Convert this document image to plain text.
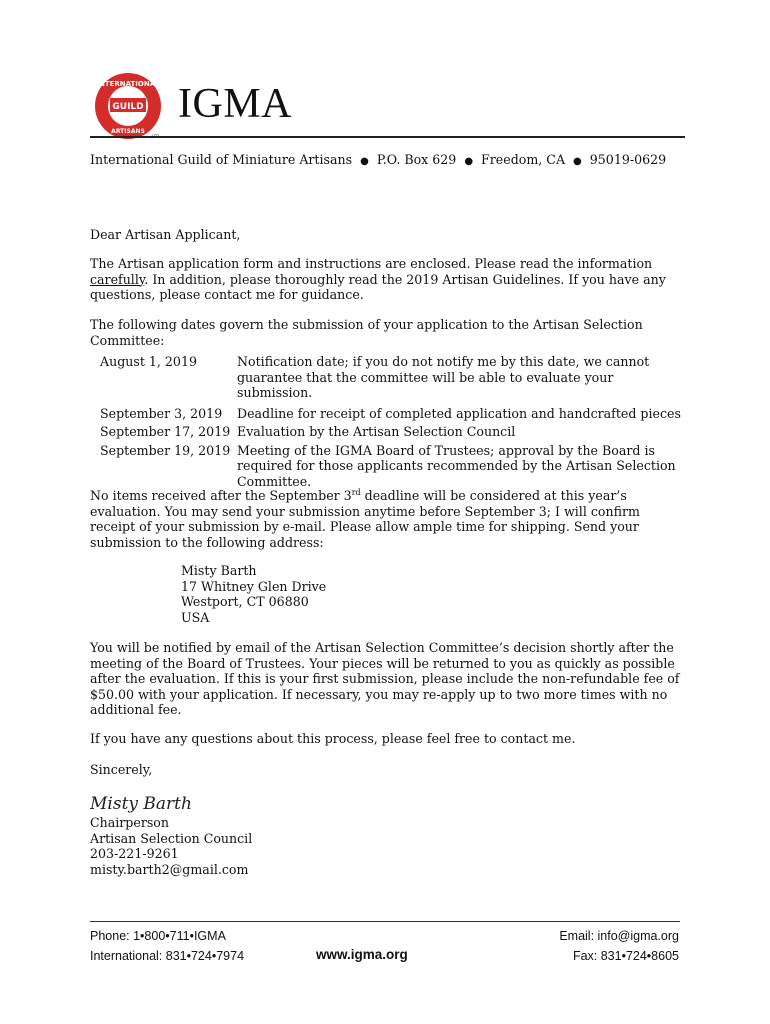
INTERNATIONAL
GUILD
ARTISANS
LTD
IGMA
International Guild of Miniature Artisans ● P.O. Box 629 ● Freedom, CA ● 95019-0629
Dear Artisan Applicant,
The Artisan application form and instructions are enclosed. Please read the information
carefully. In addition, please thoroughly read the 2019 Artisan Guidelines. If you have any
questions, please contact me for guidance.
The following dates govern the submission of your application to the Artisan Selection Committee:
August 1, 2019	Notification date; if you do not notify me by this date, we cannot guarantee that the committee will be able to evaluate your submission.
September 3, 2019	Deadline for receipt of completed application and handcrafted pieces
September 17, 2019 Evaluation by the Artisan Selection Council
September 19, 2019 Meeting of the IGMA Board of Trustees; approval by the Board is required for those applicants recommended by the Artisan Selection Committee.
No items received after the September 3rd deadline will be considered at this year’s evaluation. You may send your submission anytime before September 3; I will confirm receipt of your submission by e-mail. Please allow ample time for shipping. Send your submission to the following address:
Misty Barth
17 Whitney Glen Drive
Westport, CT 06880
USA
You will be notified by email of the Artisan Selection Committee’s decision shortly after the meeting of the Board of Trustees. Your pieces will be returned to you as quickly as possible after the evaluation. If this is your first submission, please include the non-refundable fee of $50.00 with your application. If necessary, you may re-apply up to two more times with no additional fee.
If you have any questions about this process, please feel free to contact me.
Sincerely,
Misty Barth
Chairperson
Artisan Selection Council
203-221-9261
misty.barth2@gmail.com
Phone: 1•800•711•IGMA
International: 831•724•7974	www.igma.org
Email: info@igma.org
Fax: 831•724•8605
